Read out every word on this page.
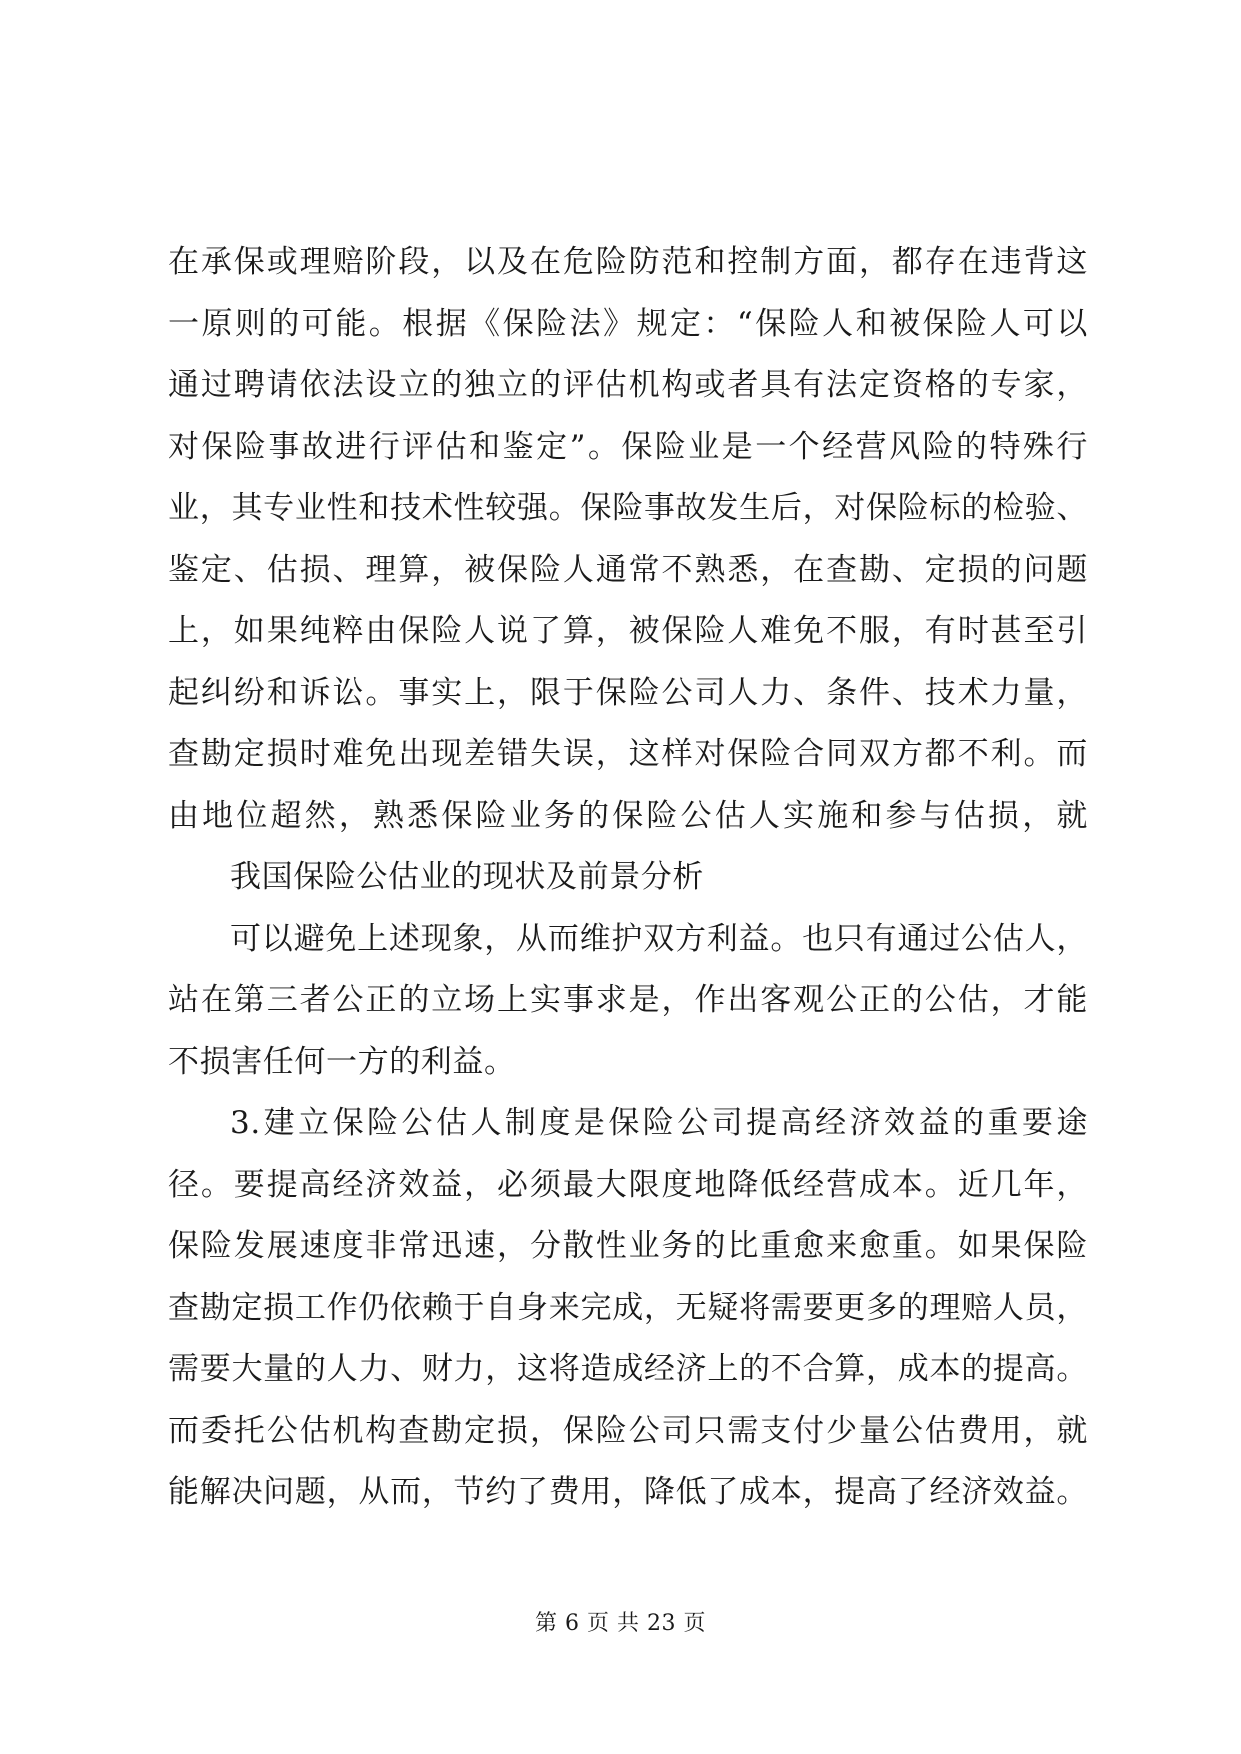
在承保或理赔阶段，以及在危险防范和控制方面，都存在违背这
一原则的可能。根据《保险法》规定：“保险人和被保险人可以
通过聘请依法设立的独立的评估机构或者具有法定资格的专家，
对保险事故进行评估和鉴定”。保险业是一个经营风险的特殊行
业，其专业性和技术性较强。保险事故发生后，对保险标的检验、
鉴定、估损、理算，被保险人通常不熟悉，在查勘、定损的问题
上，如果纯粹由保险人说了算，被保险人难免不服，有时甚至引
起纠纷和诉讼。事实上，限于保险公司人力、条件、技术力量，
查勘定损时难免出现差错失误，这样对保险合同双方都不利。而
由地位超然，熟悉保险业务的保险公估人实施和参与估损，就
我国保险公估业的现状及前景分析
可以避免上述现象，从而维护双方利益。也只有通过公估人，
站在第三者公正的立场上实事求是，作出客观公正的公估，才能
不损害任何一方的利益。
3.建立保险公估人制度是保险公司提高经济效益的重要途
径。要提高经济效益，必须最大限度地降低经营成本。近几年，
保险发展速度非常迅速，分散性业务的比重愈来愈重。如果保险
查勘定损工作仍依赖于自身来完成，无疑将需要更多的理赔人员，
需要大量的人力、财力，这将造成经济上的不合算，成本的提高。
而委托公估机构查勘定损，保险公司只需支付少量公估费用，就
能解决问题，从而，节约了费用，降低了成本，提高了经济效益。
第 6 页 共 23 页
